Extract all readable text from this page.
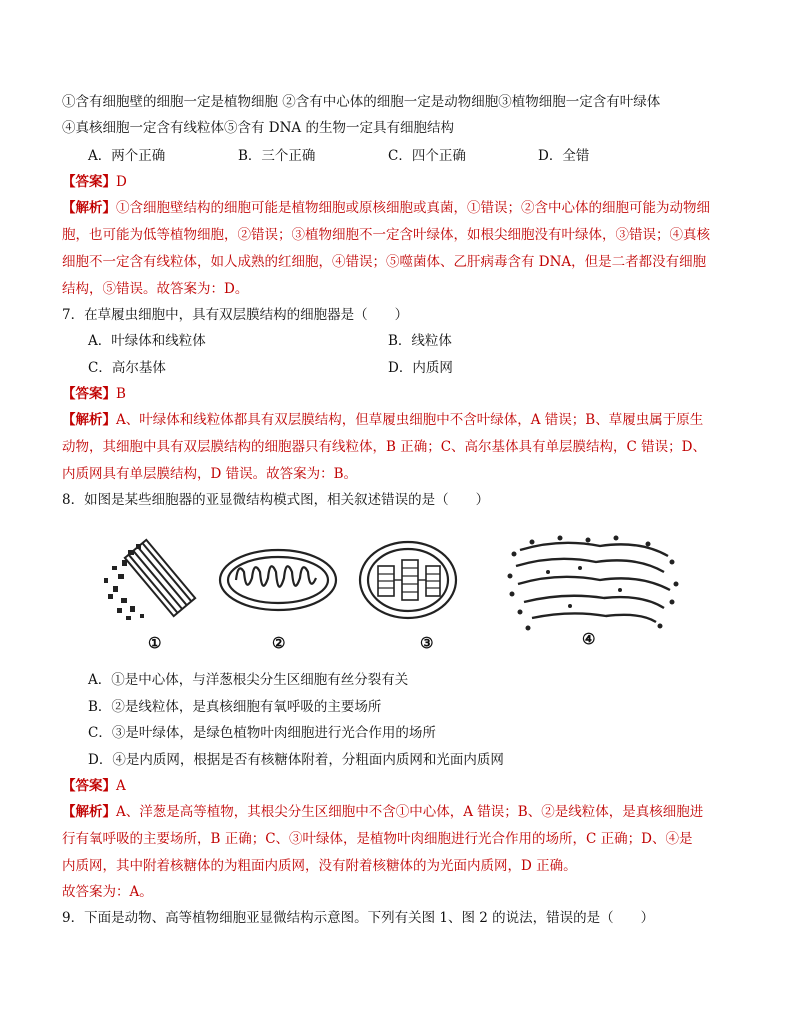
①含有细胞壁的细胞一定是植物细胞 ②含有中心体的细胞一定是动物细胞③植物细胞一定含有叶绿体
④真核细胞一定含有线粒体⑤含有 DNA 的生物一定具有细胞结构
A．两个正确	B．三个正确	C．四个正确	D．全错
【答案】D
【解析】①含细胞壁结构的细胞可能是植物细胞或原核细胞或真菌，①错误；②含中心体的细胞可能为动物细
胞，也可能为低等植物细胞，②错误；③植物细胞不一定含叶绿体，如根尖细胞没有叶绿体，③错误；④真核
细胞不一定含有线粒体，如人成熟的红细胞，④错误；⑤噬菌体、乙肝病毒含有 DNA，但是二者都没有细胞
结构，⑤错误。故答案为：D。
7．在草履虫细胞中，具有双层膜结构的细胞器是（　　）
A．叶绿体和线粒体	B．线粒体
C．高尔基体	D．内质网
【答案】B
【解析】A、叶绿体和线粒体都具有双层膜结构，但草履虫细胞中不含叶绿体，A 错误；B、草履虫属于原生
动物，其细胞中具有双层膜结构的细胞器只有线粒体，B 正确；C、高尔基体具有单层膜结构，C 错误；D、
内质网具有单层膜结构，D 错误。故答案为：B。
8．如图是某些细胞器的亚显微结构模式图，相关叙述错误的是（　　）
①	②	③	④
A．①是中心体，与洋葱根尖分生区细胞有丝分裂有关
B．②是线粒体，是真核细胞有氧呼吸的主要场所
C．③是叶绿体，是绿色植物叶肉细胞进行光合作用的场所
D．④是内质网，根据是否有核糖体附着，分粗面内质网和光面内质网
【答案】A
【解析】A、洋葱是高等植物，其根尖分生区细胞中不含①中心体，A 错误；B、②是线粒体，是真核细胞进
行有氧呼吸的主要场所，B 正确；C、③叶绿体，是植物叶肉细胞进行光合作用的场所，C 正确；D、④是
内质网，其中附着核糖体的为粗面内质网，没有附着核糖体的为光面内质网，D 正确。
故答案为：A。
9．下面是动物、高等植物细胞亚显微结构示意图。下列有关图 1、图 2 的说法，错误的是（　　）
